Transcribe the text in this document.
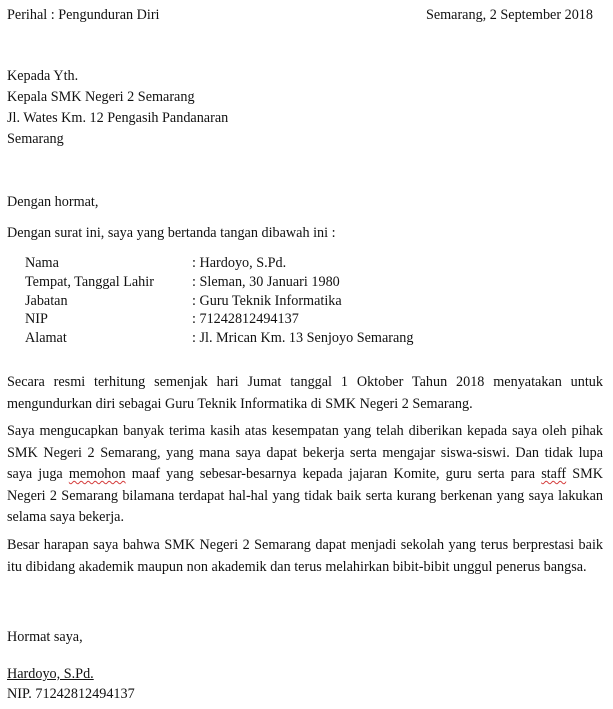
Perihal : Pengunduran Diri	Semarang, 2 September 2018
Kepada Yth.
Kepala SMK Negeri 2 Semarang
Jl. Wates Km. 12 Pengasih Pandanaran
Semarang
Dengan hormat,
Dengan surat ini, saya yang bertanda tangan dibawah ini :
Nama	: Hardoyo, S.Pd.
Tempat, Tanggal Lahir	: Sleman, 30 Januari 1980
Jabatan	: Guru Teknik Informatika
NIP	: 71242812494137
Alamat	: Jl. Mrican Km. 13 Senjoyo Semarang
Secara resmi terhitung semenjak hari Jumat tanggal 1 Oktober Tahun 2018 menyatakan untuk mengundurkan diri sebagai Guru Teknik Informatika di SMK Negeri 2 Semarang.
Saya mengucapkan banyak terima kasih atas kesempatan yang telah diberikan kepada saya oleh pihak SMK Negeri 2 Semarang, yang mana saya dapat bekerja serta mengajar siswa-siswi. Dan tidak lupa saya juga memohon maaf yang sebesar-besarnya kepada jajaran Komite, guru serta para staff SMK Negeri 2 Semarang bilamana terdapat hal-hal yang tidak baik serta kurang berkenan yang saya lakukan selama saya bekerja.
Besar harapan saya bahwa SMK Negeri 2 Semarang dapat menjadi sekolah yang terus berprestasi baik itu dibidang akademik maupun non akademik dan terus melahirkan bibit-bibit unggul penerus bangsa.
Hormat saya,
Hardoyo, S.Pd.
NIP. 71242812494137
